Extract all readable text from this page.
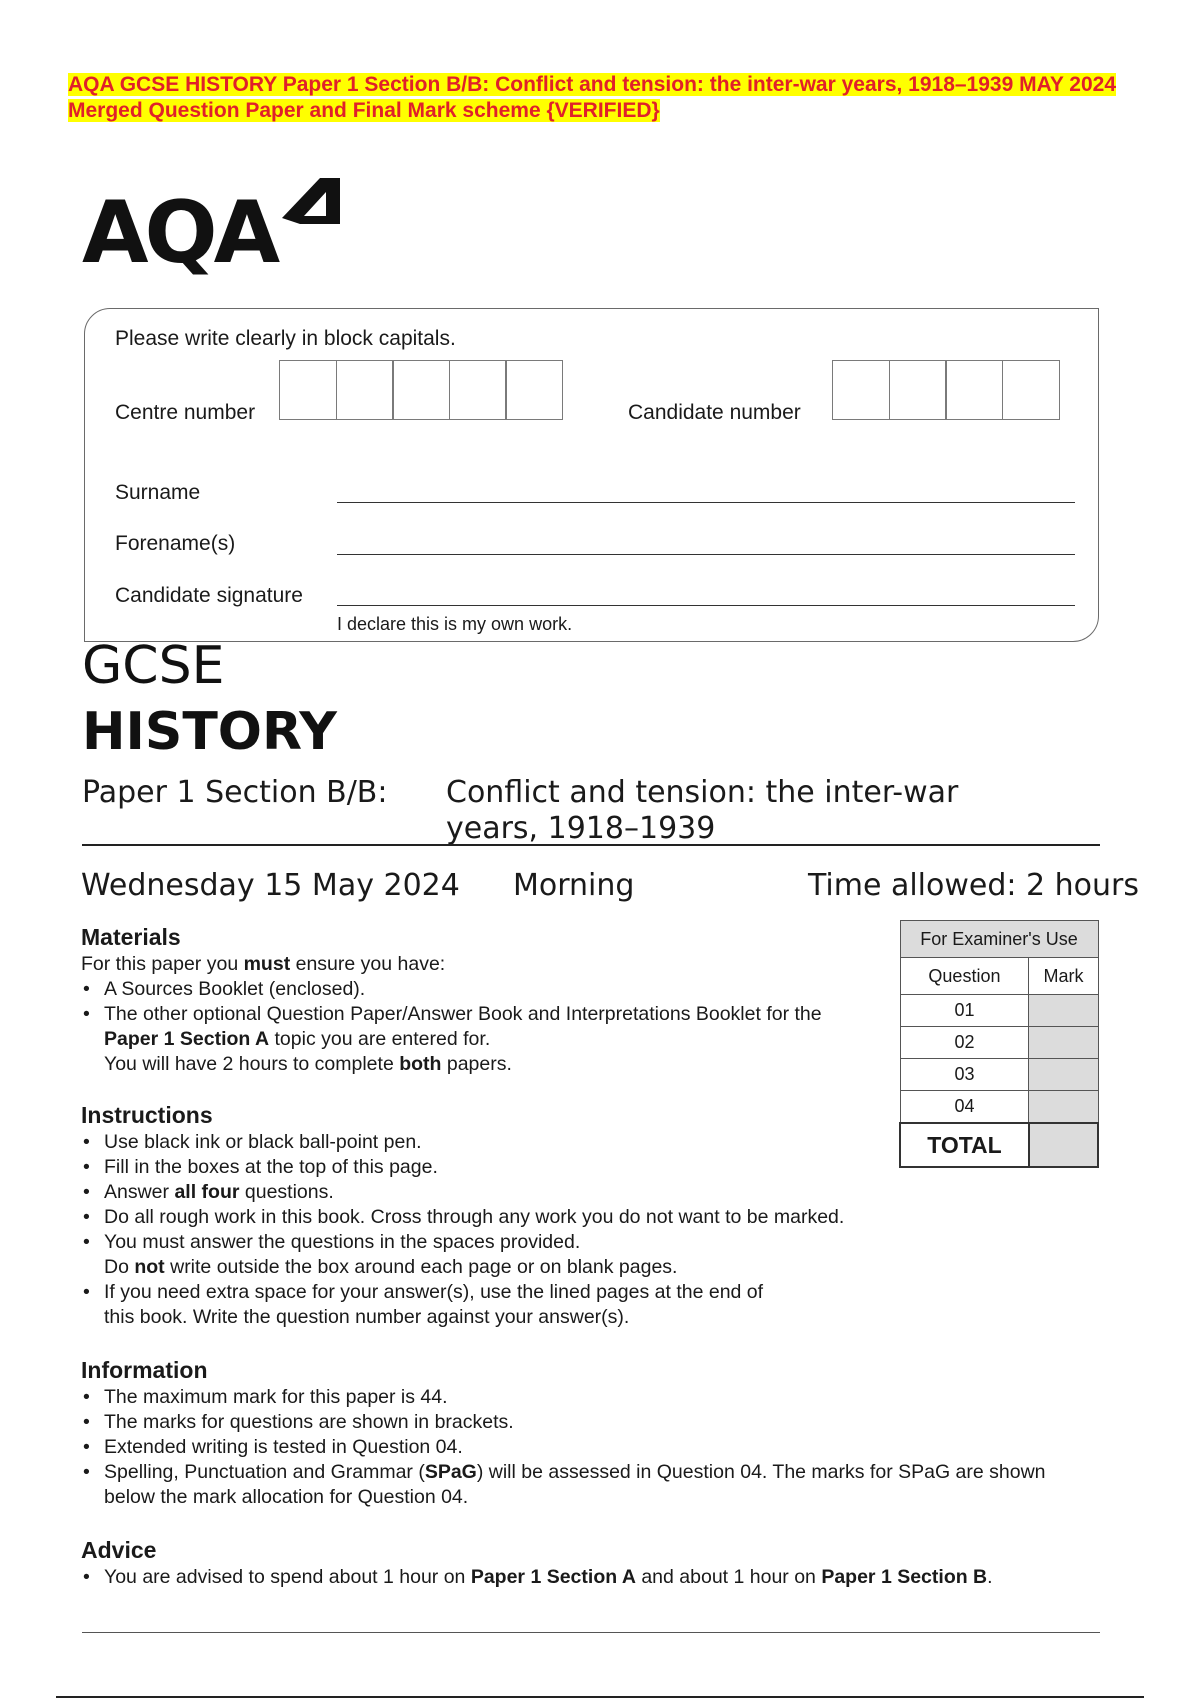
AQA GCSE HISTORY Paper 1 Section B/B: Conflict and tension: the inter-war years, 1918–1939 MAY 2024
Merged Question Paper and Final Mark scheme {VERIFIED}
AQA
Please write clearly in block capitals.
Centre number	Candidate number
Surname
Forename(s)
Candidate signature
I declare this is my own work.
GCSE
HISTORY
Paper 1 Section B/B: Conflict and tension: the inter-war years, 1918–1939
Wednesday 15 May 2024 Morning	Time allowed: 2 hours
For Examiner's Use	
Question	Mark
01	
02	
03	
04	
TOTAL	
Materials

For this paper you must ensure you have:

• A Sources Booklet (enclosed).
• The other optional Question Paper/Answer Book and Interpretations Booklet for the Paper 1 Section A topic you are entered for.
You will have 2 hours to complete both papers.
Instructions
• Use black ink or black ball-point pen.
• Fill in the boxes at the top of this page.
• Answer all four questions.
• Do all rough work in this book. Cross through any work you do not want to be marked.
• You must answer the questions in the spaces provided.
Do not write outside the box around each page or on blank pages.
• If you need extra space for your answer(s), use the lined pages at the end of
this book. Write the question number against your answer(s).
Information
• The maximum mark for this paper is 44.
• The marks for questions are shown in brackets.
• Extended writing is tested in Question 04.
• Spelling, Punctuation and Grammar (SPaG) will be assessed in Question 04. The marks for SPaG are shown below the mark allocation for Question 04.
Advice
• You are advised to spend about 1 hour on Paper 1 Section A and about 1 hour on Paper 1 Section B.
